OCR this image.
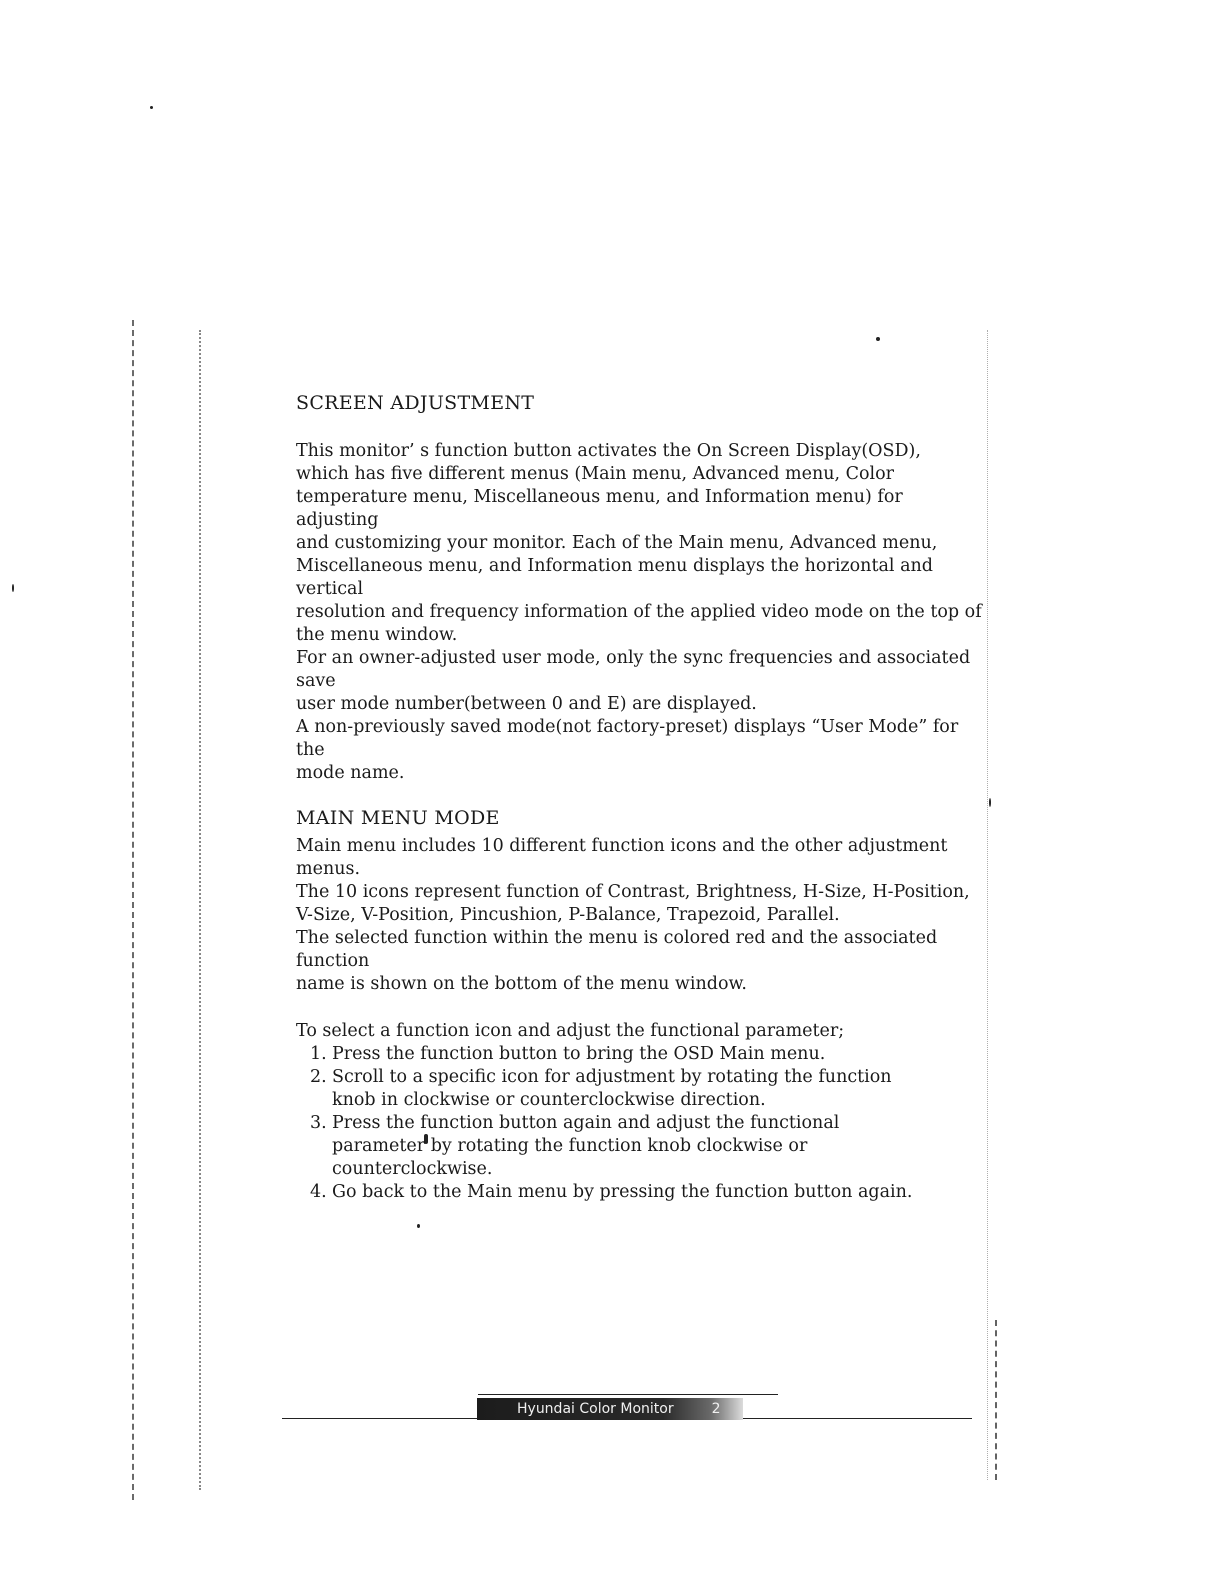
SCREEN ADJUSTMENT

This monitor’ s function button activates the On Screen Display(OSD),

which has five different menus (Main menu, Advanced menu, Color

temperature menu, Miscellaneous menu, and Information menu) for adjusting

and customizing your monitor. Each of the Main menu, Advanced menu,

Miscellaneous menu, and Information menu displays the horizontal and vertical

resolution and frequency information of the applied video mode on the top of

the menu window.

For an owner-adjusted user mode, only the sync frequencies and associated save

user mode number(between 0 and E) are displayed.

A non-previously saved mode(not factory-preset) displays “User Mode” for the

mode name.

MAIN MENU MODE

Main menu includes 10 different function icons and the other adjustment

menus.

The 10 icons represent function of Contrast, Brightness, H-Size, H-Position,

V-Size, V-Position, Pincushion, P-Balance, Trapezoid, Parallel.

The selected function within the menu is colored red and the associated function

name is shown on the bottom of the menu window.

To select a function icon and adjust the functional parameter;

1. Press the function button to bring the OSD Main menu.
2. Scroll to a specific icon for adjustment by rotating the function knob in clockwise or counterclockwise direction.
3. Press the function button again and adjust the functional parameter by rotating the function knob clockwise or counterclockwise.
4. Go back to the Main menu by pressing the function button again.
Hyundai Color Monitor	2
